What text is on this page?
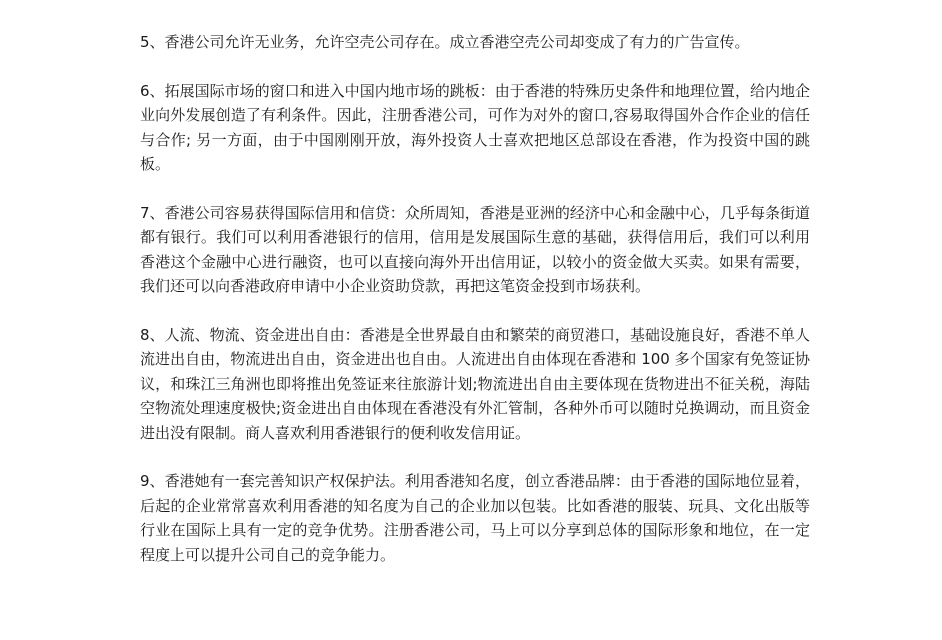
5、香港公司允许无业务，允许空壳公司存在。成立香港空壳公司却变成了有力的广告宣传。

6、拓展国际市场的窗口和进入中国内地市场的跳板：由于香港的特殊历史条件和地理位置，给内地企业向外发展创造了有利条件。因此，注册香港公司，可作为对外的窗口,容易取得国外合作企业的信任与合作; 另一方面，由于中国刚刚开放，海外投资人士喜欢把地区总部设在香港，作为投资中国的跳板。

7、香港公司容易获得国际信用和信贷：众所周知，香港是亚洲的经济中心和金融中心，几乎每条街道都有银行。我们可以利用香港银行的信用，信用是发展国际生意的基础，获得信用后，我们可以利用香港这个金融中心进行融资，也可以直接向海外开出信用证，以较小的资金做大买卖。如果有需要，我们还可以向香港政府申请中小企业资助贷款，再把这笔资金投到市场获利。

8、人流、物流、资金进出自由：香港是全世界最自由和繁荣的商贸港口，基础设施良好，香港不单人流进出自由，物流进出自由，资金进出也自由。人流进出自由体现在香港和 100 多个国家有免签证协议，和珠江三角洲也即将推出免签证来往旅游计划;物流进出自由主要体现在货物进出不征关税，海陆空物流处理速度极快;资金进出自由体现在香港没有外汇管制，各种外币可以随时兑换调动，而且资金进出没有限制。商人喜欢利用香港银行的便利收发信用证。

9、香港她有一套完善知识产权保护法。利用香港知名度，创立香港品牌：由于香港的国际地位显着，后起的企业常常喜欢利用香港的知名度为自己的企业加以包装。比如香港的服装、玩具、文化出版等行业在国际上具有一定的竞争优势。注册香港公司，马上可以分享到总体的国际形象和地位，在一定程度上可以提升公司自己的竞争能力。
